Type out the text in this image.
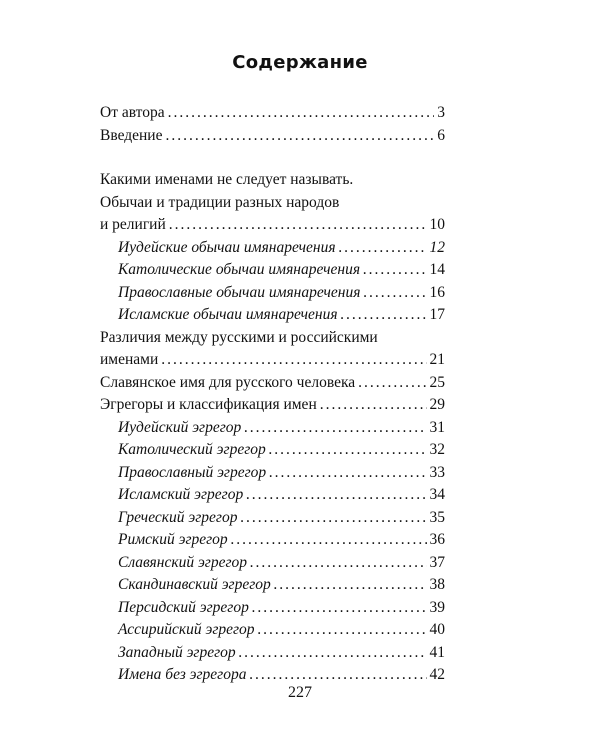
Содержание
От автора .....	3
Введение .....	6
Какими именами не следует называть.
Обычаи и традиции разных народов
и религий .....	10
Иудейские обычаи имянаречения .....	12
Католические обычаи имянаречения .....	14
Православные обычаи имянаречения .....	16
Исламские обычаи имянаречения .....	17
Различия между русскими и российскими
именами .....	21
Славянское имя для русского человека .....	25
Эгрегоры и классификация имен .....	29
Иудейский эгрегор .....	31
Католический эгрегор .....	32
Православный эгрегор .....	33
Исламский эгрегор .....	34
Греческий эгрегор .....	35
Римский эгрегор .....	36
Славянский эгрегор .....	37
Скандинавский эгрегор .....	38
Персидский эгрегор .....	39
Ассирийский эгрегор .....	40
Западный эгрегор .....	41
Имена без эгрегора .....	42
227
